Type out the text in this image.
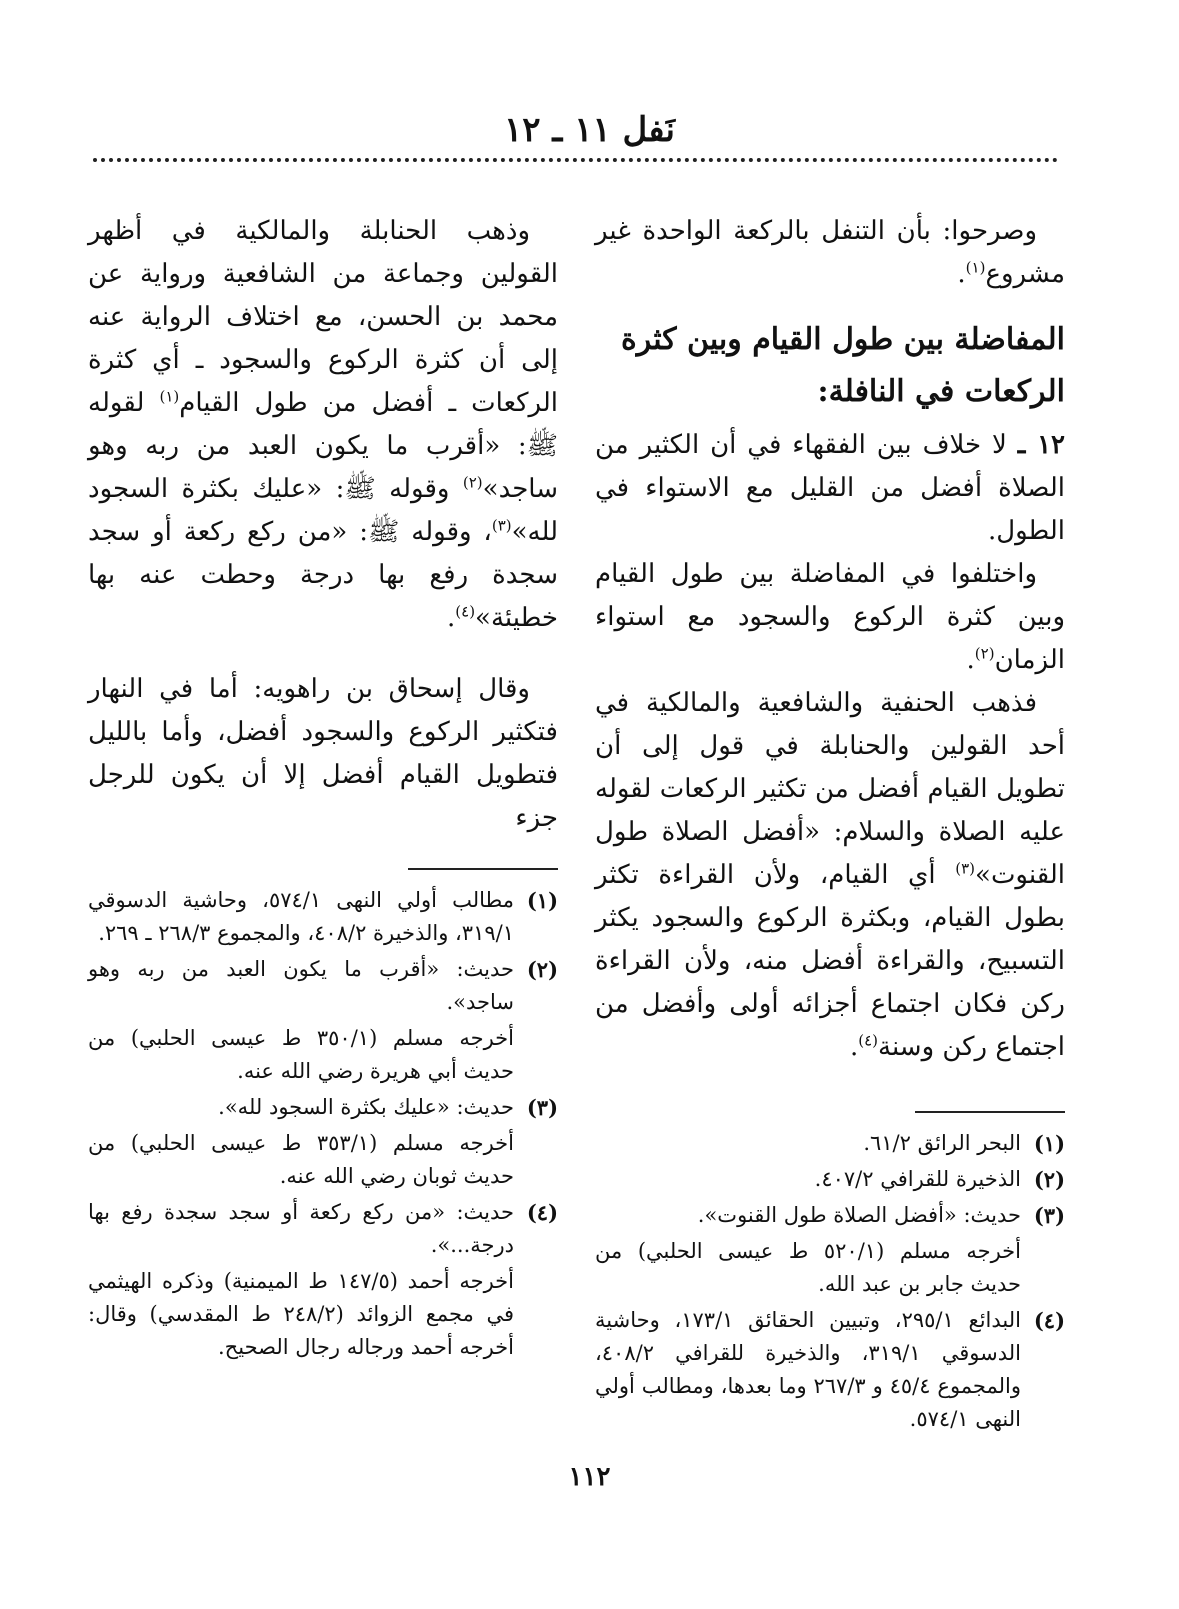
نَفل ١١ ـ ١٢

وصرحوا: بأن التنفل بالركعة الواحدة غير مشروع$^{(١)}$.

المفاضلة بين طول القيام وبين كثرة الركعات في النافلة:

١٢ ـ لا خلاف بين الفقهاء في أن الكثير من الصلاة أفضل من القليل مع الاستواء في الطول.

واختلفوا في المفاضلة بين طول القيام وبين كثرة الركوع والسجود مع استواء الزمان$^{(٢)}$.

فذهب الحنفية والشافعية والمالكية في أحد القولين والحنابلة في قول إلى أن تطويل القيام أفضل من تكثير الركعات لقوله عليه الصلاة والسلام: «أفضل الصلاة طول القنوت»$^{(٣)}$ أي القيام، ولأن القراءة تكثر بطول القيام، وبكثرة الركوع والسجود يكثر التسبيح، والقراءة أفضل منه، ولأن القراءة ركن فكان اجتماع أجزائه أولى وأفضل من اجتماع ركن وسنة$^{(٤)}$.

(١)
البحر الرائق ٦١/٢.
(٢)
الذخيرة للقرافي ٤٠٧/٢.
(٣)
حديث: «أفضل الصلاة طول القنوت».
أخرجه مسلم (٥٢٠/١ ط عيسى الحلبي) من حديث جابر بن عبد الله.
(٤)
البدائع ٢٩٥/١، وتبيين الحقائق ١٧٣/١، وحاشية الدسوقي ٣١٩/١، والذخيرة للقرافي ٤٠٨/٢، والمجموع ٤٥/٤ و ٢٦٧/٣ وما بعدها، ومطالب أولي النهى ٥٧٤/١.

وذهب الحنابلة والمالكية في أظهر القولين وجماعة من الشافعية ورواية عن محمد بن الحسن، مع اختلاف الرواية عنه إلى أن كثرة الركوع والسجود ـ أي كثرة الركعات ـ أفضل من طول القيام$^{(١)}$ لقوله ﷺ: «أقرب ما يكون العبد من ربه وهو ساجد»$^{(٢)}$ وقوله ﷺ: «عليك بكثرة السجود لله»$^{(٣)}$، وقوله ﷺ: «من ركع ركعة أو سجد سجدة رفع بها درجة وحطت عنه بها خطيئة»$^{(٤)}$.

وقال إسحاق بن راهويه: أما في النهار فتكثير الركوع والسجود أفضل، وأما بالليل فتطويل القيام أفضل إلا أن يكون للرجل جزء

(١)
مطالب أولي النهى ٥٧٤/١، وحاشية الدسوقي ٣١٩/١، والذخيرة ٤٠٨/٢، والمجموع ٢٦٨/٣ ـ ٢٦٩.
(٢)
حديث: «أقرب ما يكون العبد من ربه وهو ساجد».
أخرجه مسلم (٣٥٠/١ ط عيسى الحلبي) من حديث أبي هريرة رضي الله عنه.
(٣)
حديث: «عليك بكثرة السجود لله».
أخرجه مسلم (٣٥٣/١ ط عيسى الحلبي) من حديث ثوبان رضي الله عنه.
(٤)
حديث: «من ركع ركعة أو سجد سجدة رفع بها درجة...».
أخرجه أحمد (١٤٧/٥ ط الميمنية) وذكره الهيثمي في مجمع الزوائد (٢٤٨/٢ ط المقدسي) وقال: أخرجه أحمد ورجاله رجال الصحيح.
١١٢
